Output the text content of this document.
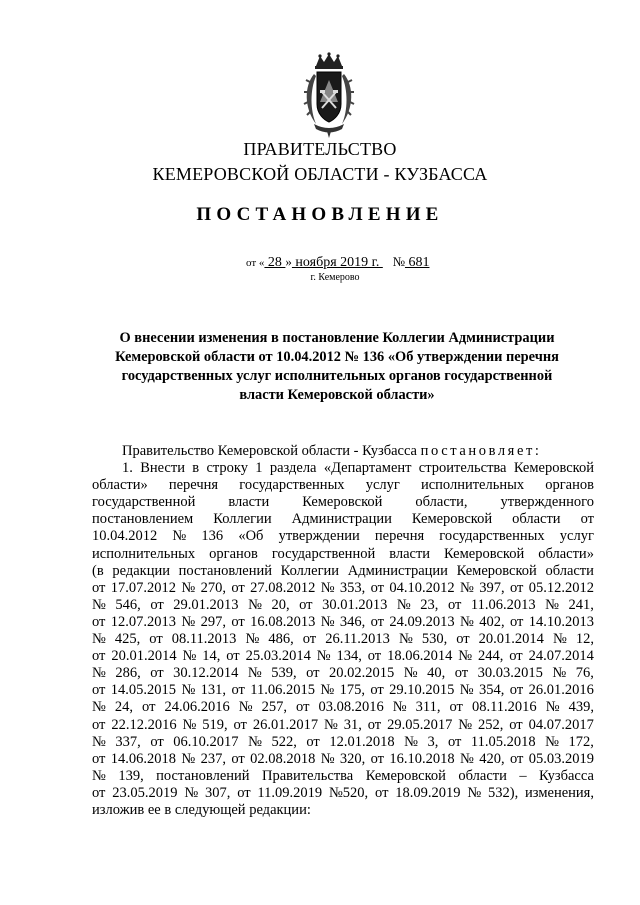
ПРАВИТЕЛЬСТВО
КЕМЕРОВСКОЙ ОБЛАСТИ - КУЗБАССА
ПОСТАНОВЛЕНИЕ
от « 28 » ноября 2019 г.    № 681
г. Кемерово
О внесении изменения в постановление Коллегии Администрации
Кемеровской области от 10.04.2012 № 136 «Об утверждении перечня
государственных услуг исполнительных органов государственной
власти Кемеровской области»
Правительство Кемеровской области - Кузбасса постановляет:
1. Внести в строку 1 раздела «Департамент строительства Кемеровской
области» перечня государственных услуг исполнительных органов
государственной власти Кемеровской области, утвержденного
постановлением Коллегии Администрации Кемеровской области от
10.04.2012 № 136 «Об утверждении перечня государственных услуг
исполнительных органов государственной власти Кемеровской области»
(в редакции постановлений Коллегии Администрации Кемеровской области
от 17.07.2012 № 270, от 27.08.2012 № 353, от 04.10.2012 № 397, от 05.12.2012
№ 546, от 29.01.2013 № 20, от 30.01.2013 № 23, от 11.06.2013 № 241,
от 12.07.2013 № 297, от 16.08.2013 № 346, от 24.09.2013 № 402, от 14.10.2013
№ 425, от 08.11.2013 № 486, от 26.11.2013 № 530, от 20.01.2014 № 12,
от 20.01.2014 № 14, от 25.03.2014 № 134, от 18.06.2014 № 244, от 24.07.2014
№ 286, от 30.12.2014 № 539, от 20.02.2015 № 40, от 30.03.2015 № 76,
от 14.05.2015 № 131, от 11.06.2015 № 175, от 29.10.2015 № 354, от 26.01.2016
№ 24, от 24.06.2016 № 257, от 03.08.2016 № 311, от 08.11.2016 № 439,
от 22.12.2016 № 519, от 26.01.2017 № 31, от 29.05.2017 № 252, от 04.07.2017
№ 337, от 06.10.2017 № 522, от 12.01.2018 № 3, от 11.05.2018 № 172,
от 14.06.2018 № 237, от 02.08.2018 № 320, от 16.10.2018 № 420, от 05.03.2019
№ 139, постановлений Правительства Кемеровской области – Кузбасса
от 23.05.2019 № 307, от 11.09.2019 №520, от 18.09.2019 № 532), изменения,
изложив ее в следующей редакции:
